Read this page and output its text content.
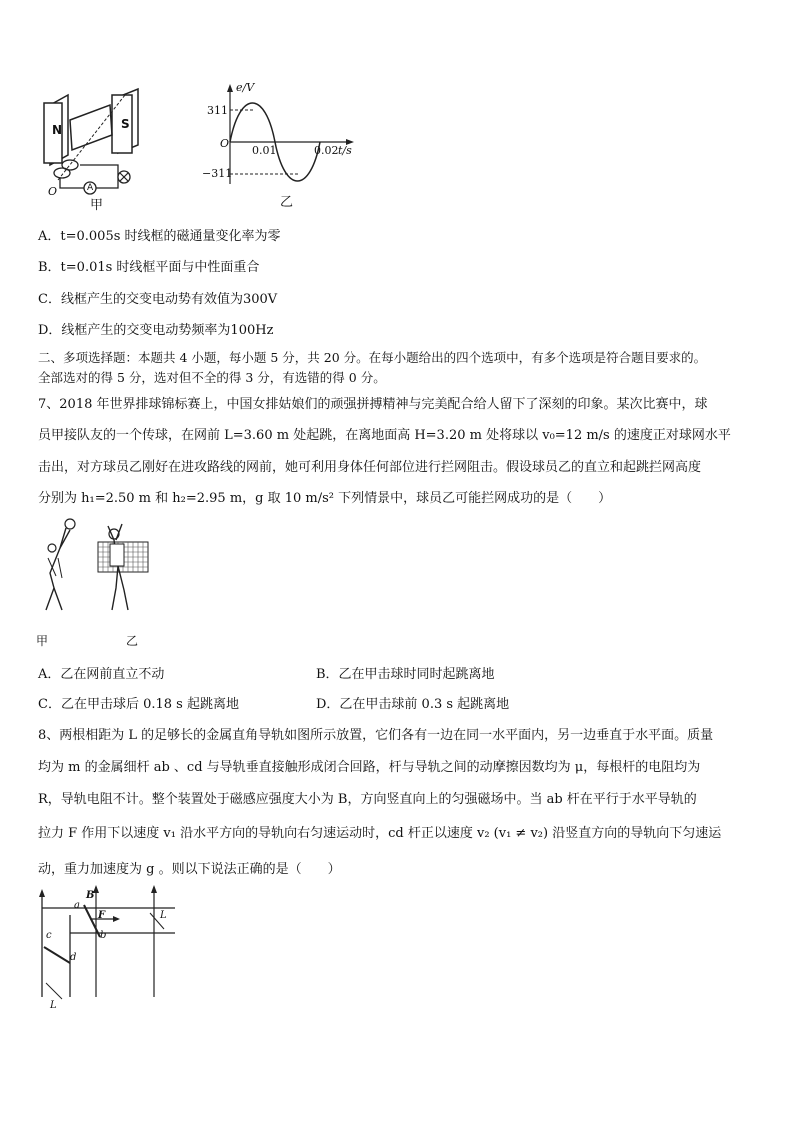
N	S
A
O
甲
e/V
t/s
311
−311
O
0.01	0.02
乙
A．t=0.005s 时线框的磁通量变化率为零
B．t=0.01s 时线框平面与中性面重合
C．线框产生的交变电动势有效值为300V
D．线框产生的交变电动势频率为100Hz
二、多项选择题：本题共 4 小题，每小题 5 分，共 20 分。在每小题给出的四个选项中，有多个选项是符合题目要求的。
全部选对的得 5 分，选对但不全的得 3 分，有选错的得 0 分。
7、2018 年世界排球锦标赛上，中国女排姑娘们的顽强拼搏精神与完美配合给人留下了深刻的印象。某次比赛中，球
员甲接队友的一个传球，在网前 L=3.60 m 处起跳，在离地面高 H=3.20 m 处将球以 v₀=12 m/s 的速度正对球网水平
击出，对方球员乙刚好在进攻路线的网前，她可利用身体任何部位进行拦网阻击。假设球员乙的直立和起跳拦网高度
分别为 h₁=2.50 m 和 h₂=2.95 m，g 取 10 m/s² 下列情景中，球员乙可能拦网成功的是（　　）
甲	乙
A．乙在网前直立不动	B．乙在甲击球时同时起跳离地
C．乙在甲击球后 0.18 s 起跳离地	D．乙在甲击球前 0.3 s 起跳离地
8、两根相距为 L 的足够长的金属直角导轨如图所示放置，它们各有一边在同一水平面内，另一边垂直于水平面。质量
均为 m 的金属细杆 ab 、cd 与导轨垂直接触形成闭合回路，杆与导轨之间的动摩擦因数均为 μ，每根杆的电阻均为
R，导轨电阻不计。整个装置处于磁感应强度大小为 B，方向竖直向上的匀强磁场中。当 ab 杆在平行于水平导轨的
拉力 F 作用下以速度 v₁ 沿水平方向的导轨向右匀速运动时，cd 杆正以速度 v₂ (v₁ ≠ v₂) 沿竖直方向的导轨向下匀速运
动，重力加速度为 g 。则以下说法正确的是（　　）
a
b
c
d
B
F	L
L
